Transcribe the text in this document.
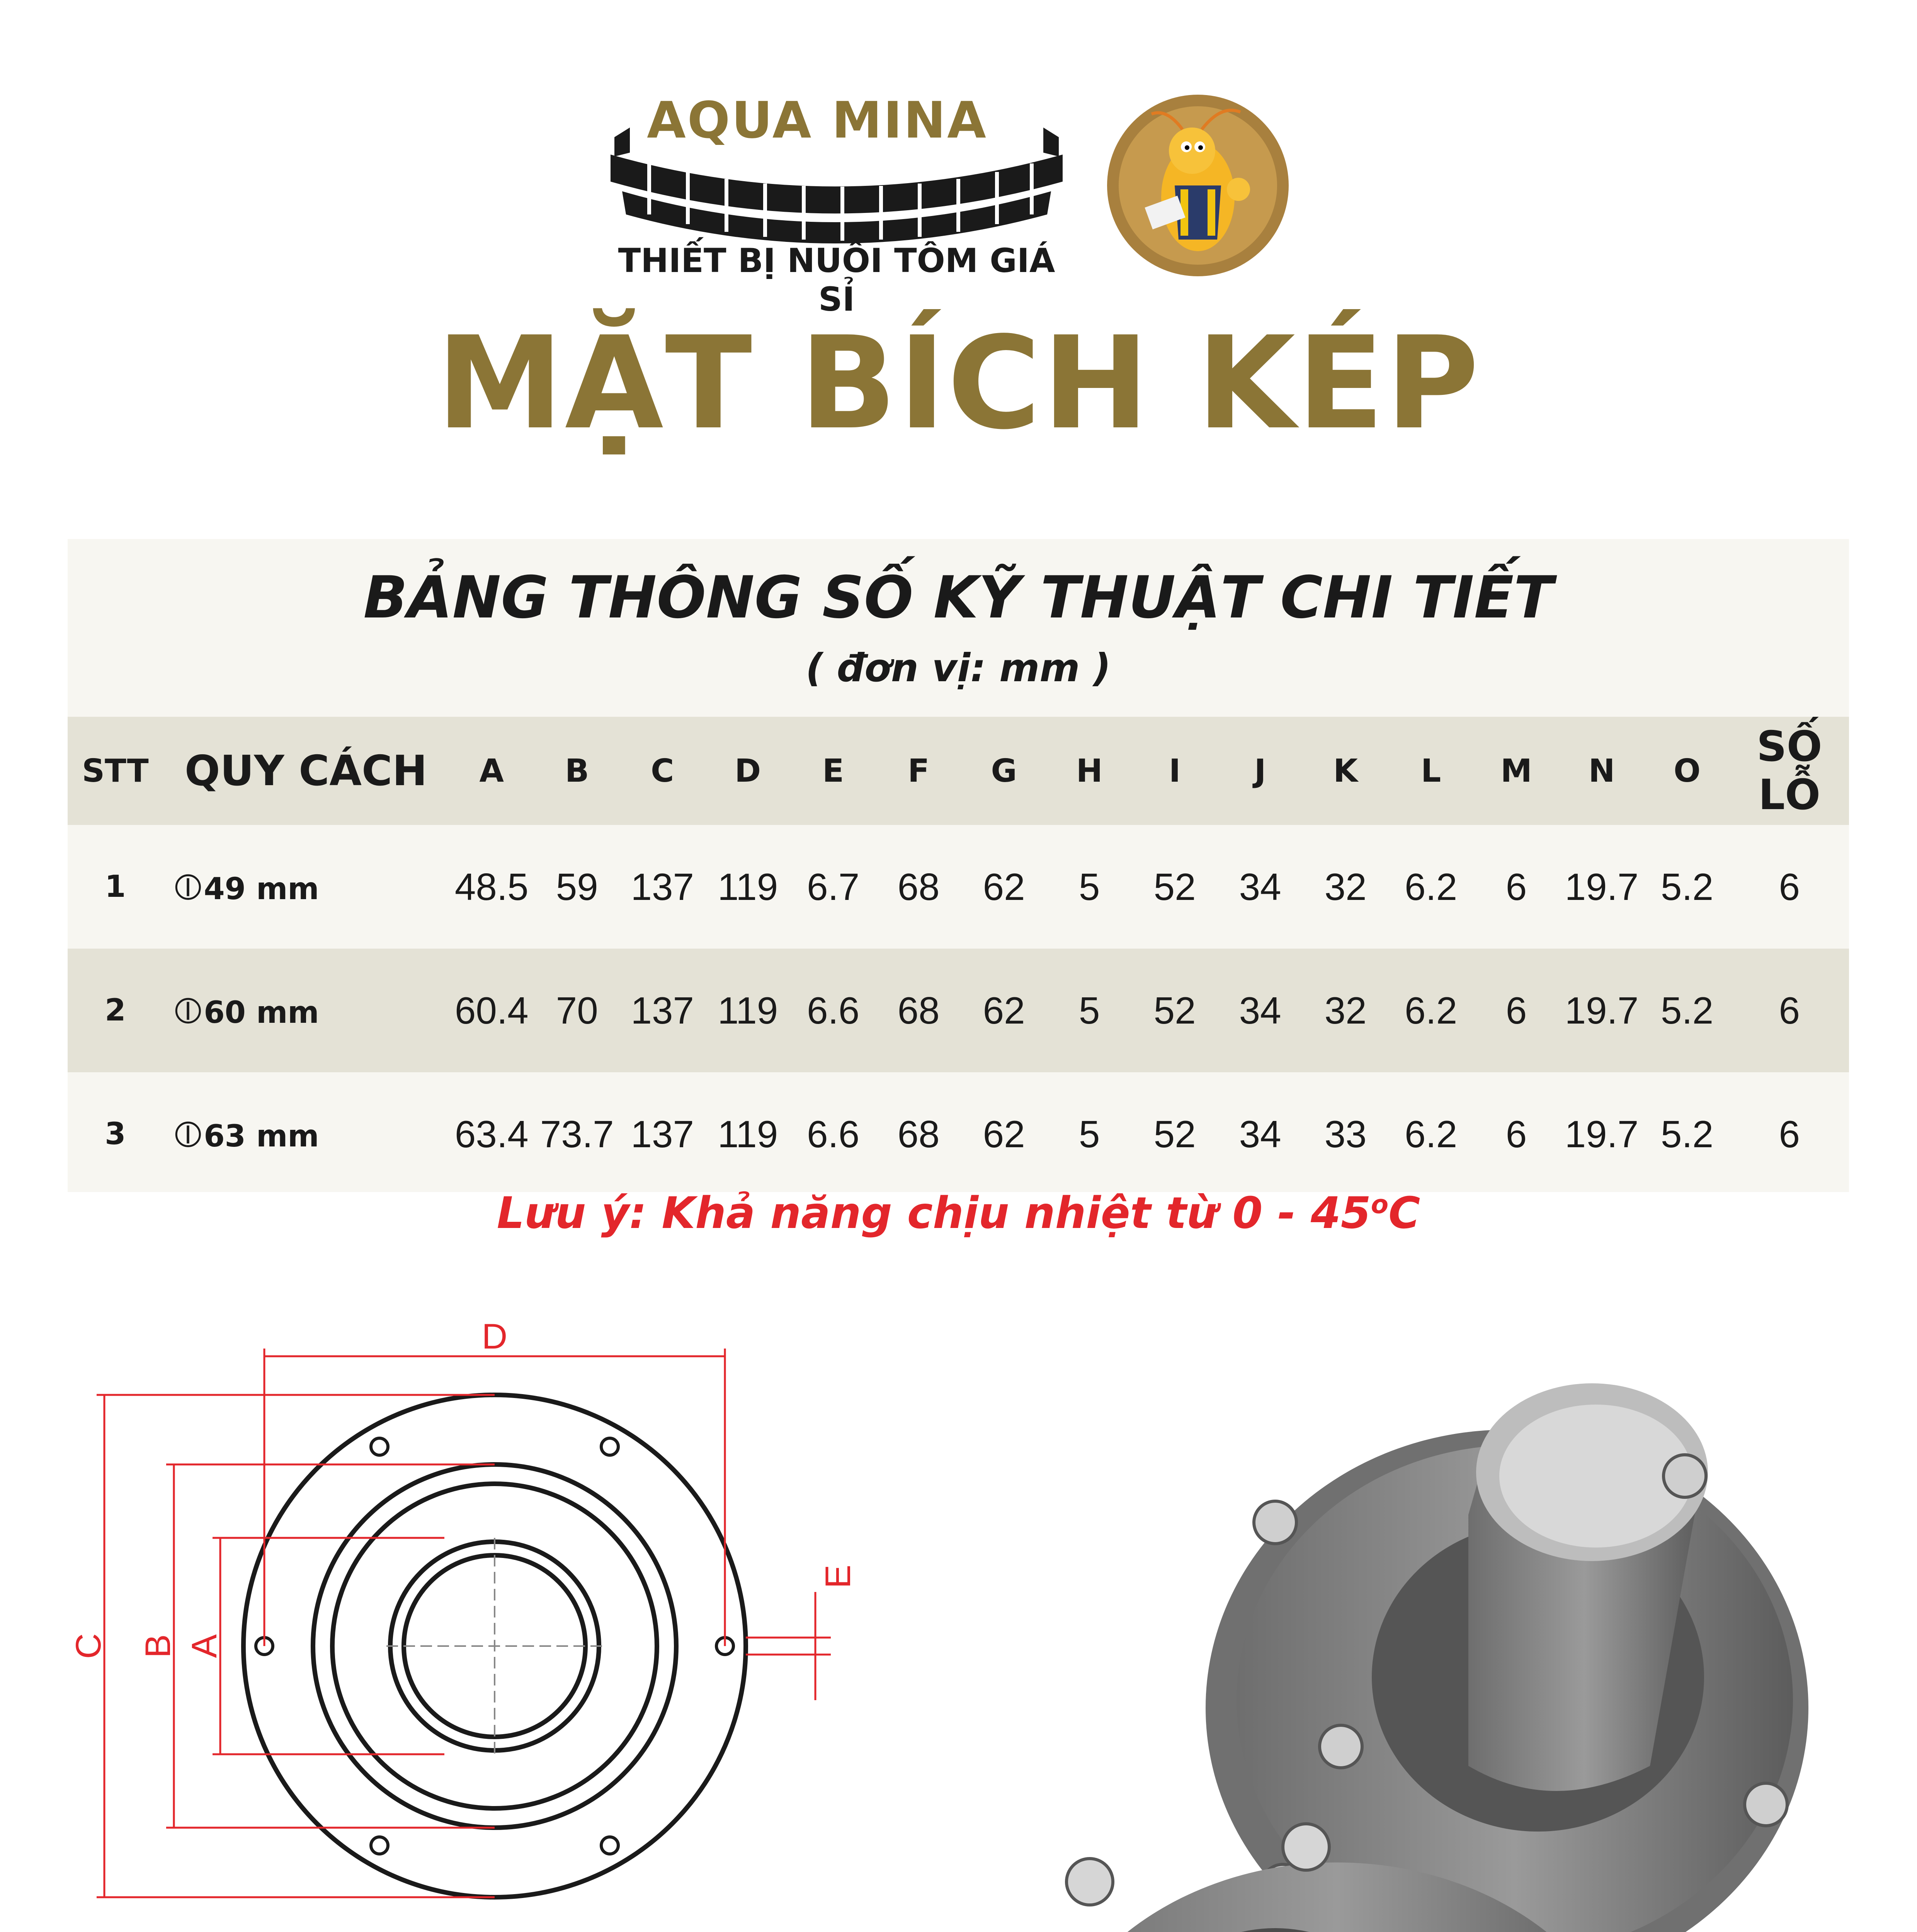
AQUA MINA
THIẾT BỊ NUÔI TÔM GIÁ SỈ
MẶT BÍCH KÉP
BẢNG THÔNG SỐ KỸ THUẬT CHI TIẾT
( đơn vị: mm )
STT	QUY CÁCH	A	B	C	D	E	F	G	H	I	J	K	L	M	N	O	SỐ LỖ
1	⦶49 mm	48.5	59	137	119	6.7	68	62	5	52	34	32	6.2	6	19.7	5.2	6
2	⦶60 mm	60.4	70	137	119	6.6	68	62	5	52	34	32	6.2	6	19.7	5.2	6
3	⦶63 mm	63.4	73.7	137	119	6.6	68	62	5	52	34	33	6.2	6	19.7	5.2	6
Lưu ý: Khả năng chịu nhiệt từ 0 - 45$^o$C
D
C B A
E
